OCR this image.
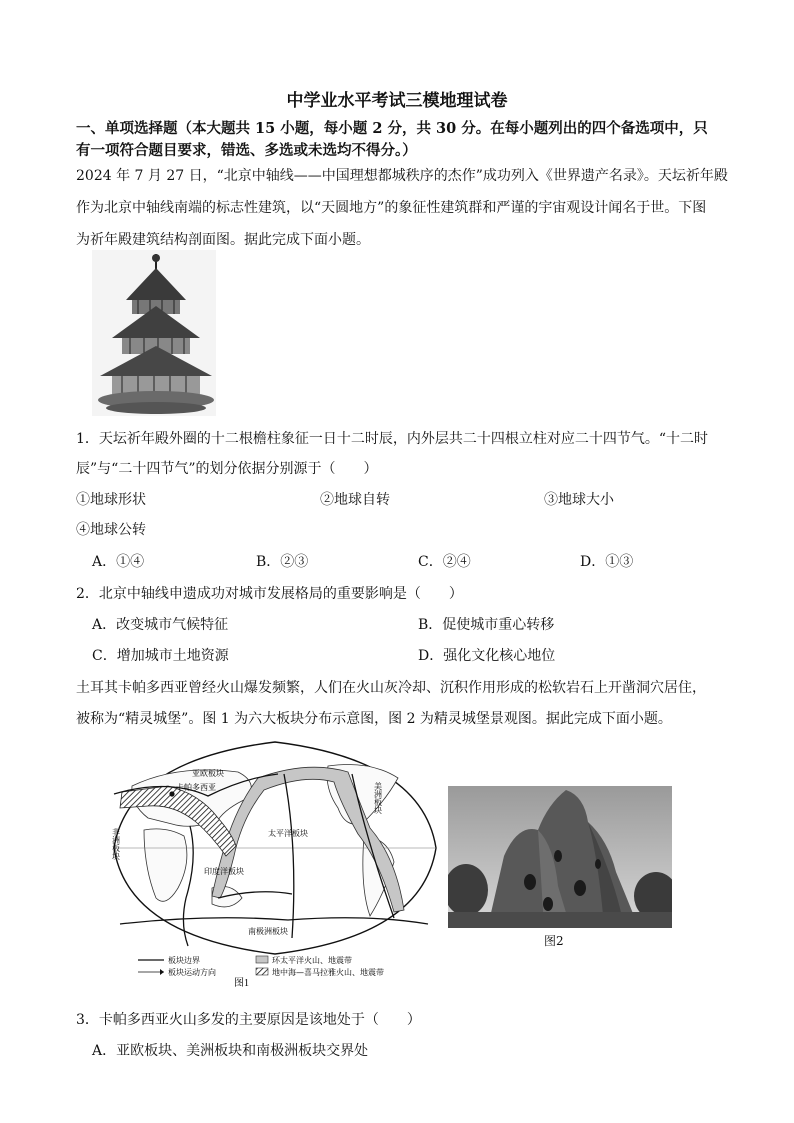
中学业水平考试三模地理试卷
一、单项选择题（本大题共 15 小题，每小题 2 分，共 30 分。在每小题列出的四个备选项中，只
有一项符合题目要求，错选、多选或未选均不得分。）
2024 年 7 月 27 日，“北京中轴线——中国理想都城秩序的杰作”成功列入《世界遗产名录》。天坛祈年殿
作为北京中轴线南端的标志性建筑，以“天圆地方”的象征性建筑群和严谨的宇宙观设计闻名于世。下图
为祈年殿建筑结构剖面图。据此完成下面小题。
1．天坛祈年殿外圈的十二根檐柱象征一日十二时辰，内外层共二十四根立柱对应二十四节气。“十二时
辰”与“二十四节气”的划分依据分别源于（　　）
①地球形状	②地球自转	③地球大小
④地球公转
A．①④	B．②③	C．②④	D．①③
2．北京中轴线申遗成功对城市发展格局的重要影响是（　　）
A．改变城市气候特征	B．促使城市重心转移
C．增加城市土地资源	D．强化文化核心地位
土耳其卡帕多西亚曾经火山爆发频繁，人们在火山灰冷却、沉积作用形成的松软岩石上开凿洞穴居住，
被称为“精灵城堡”。图 1 为六大板块分布示意图，图 2 为精灵城堡景观图。据此完成下面小题。
亚欧板块
卡帕多西亚
太平洋板块
印度洋板块
南极洲板块
非洲板块
美洲板块
板块边界	环太平洋火山、地震带
板块运动方向	地中海—喜马拉雅火山、地震带
图1
图2
3．卡帕多西亚火山多发的主要原因是该地处于（　　）
A．亚欧板块、美洲板块和南极洲板块交界处
